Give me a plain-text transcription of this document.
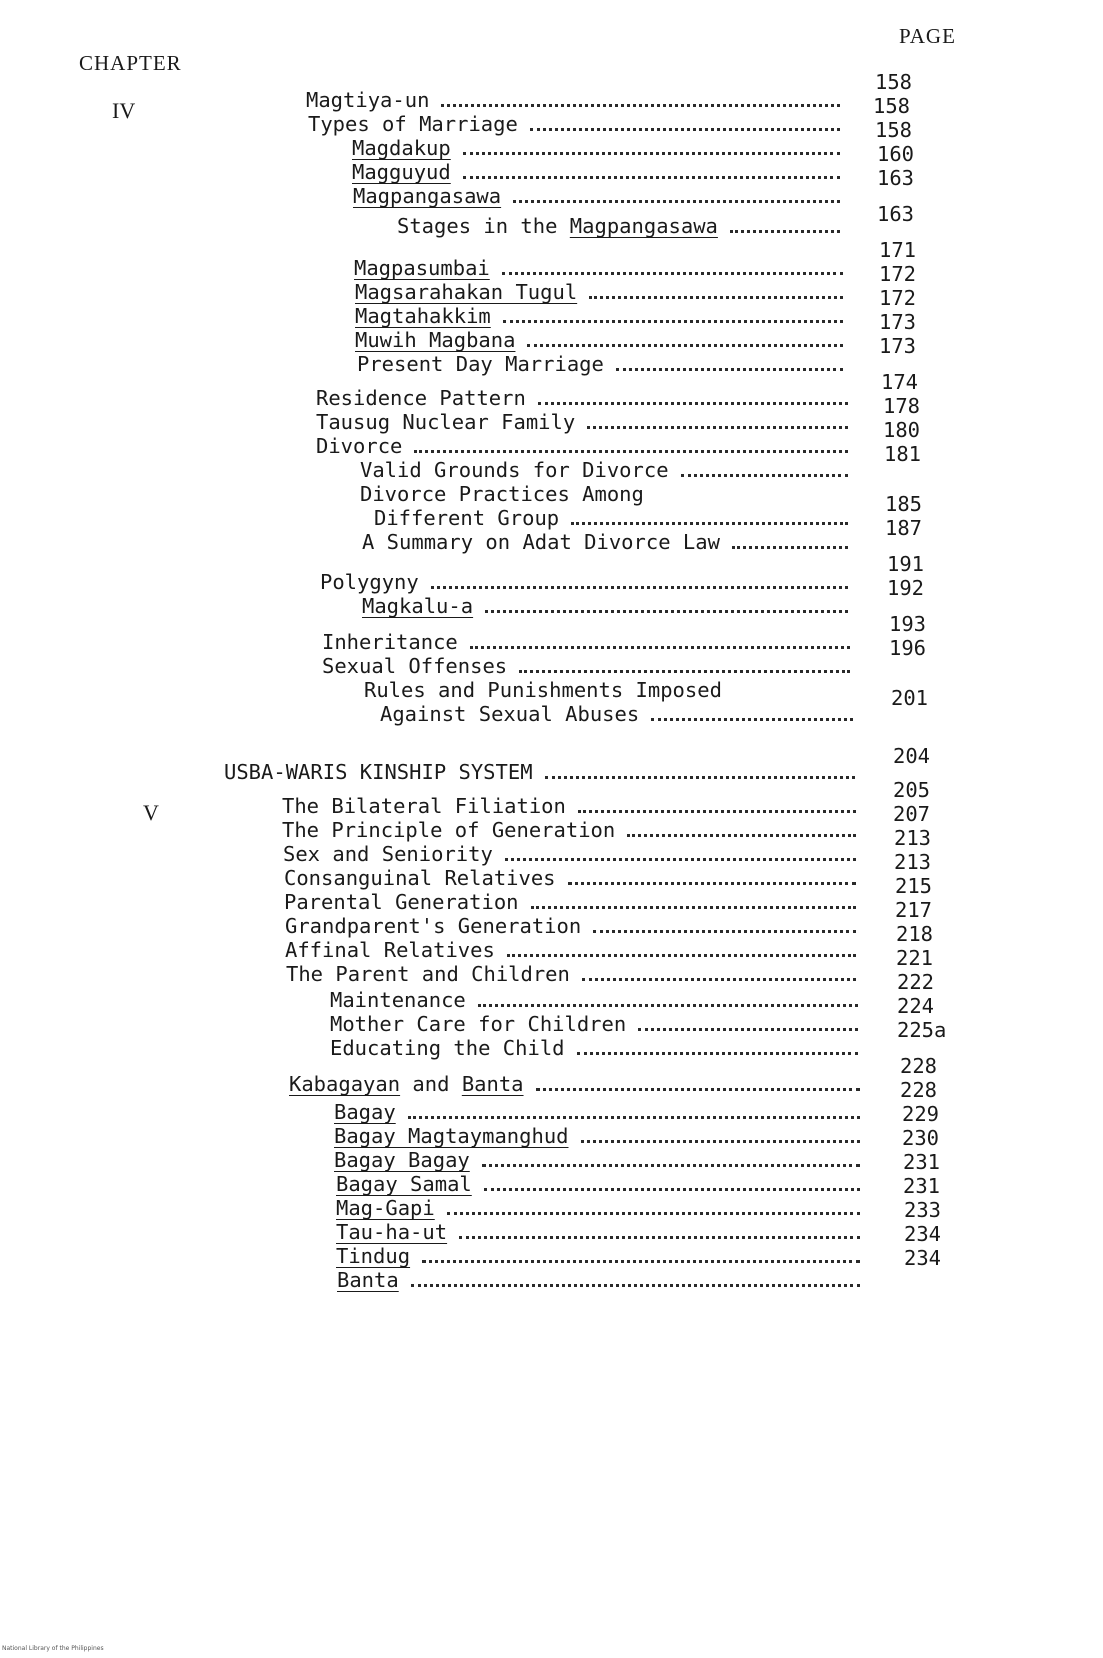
PAGE
CHAPTER
IV
V
Magtiya-un
Types of Marriage
Magdakup
Magguyud
Magpangasawa
Stages in the Magpangasawa
Magpasumbai
Magsarahakan Tugul
Magtahakkim
Muwih Magbana
Present Day Marriage
Residence Pattern
Tausug Nuclear Family
Divorce
Valid Grounds for Divorce
Divorce Practices Among
Different Group
A Summary on Adat Divorce Law
Polygyny
Magkalu-a
Inheritance
Sexual Offenses
Rules and Punishments Imposed
Against Sexual Abuses
USBA-WARIS KINSHIP SYSTEM
The Bilateral Filiation
The Principle of Generation
Sex and Seniority
Consanguinal Relatives
Parental Generation
Grandparent's Generation
Affinal Relatives
The Parent and Children
Maintenance
Mother Care for Children
Educating the Child
Kabagayan and Banta
Bagay
Bagay Magtaymanghud
Bagay Bagay
Bagay Samal
Mag-Gapi
Tau-ha-ut
Tindug
Banta
158
158
158
160
163
163
171
172
172
173
173
174
178
180
181
185
187
191
192
193
196
201
204
205
207
213
213
215
217
218
221
222
224
225a
228
228
229
230
231
231
233
234
234
National Library of the Philippines
